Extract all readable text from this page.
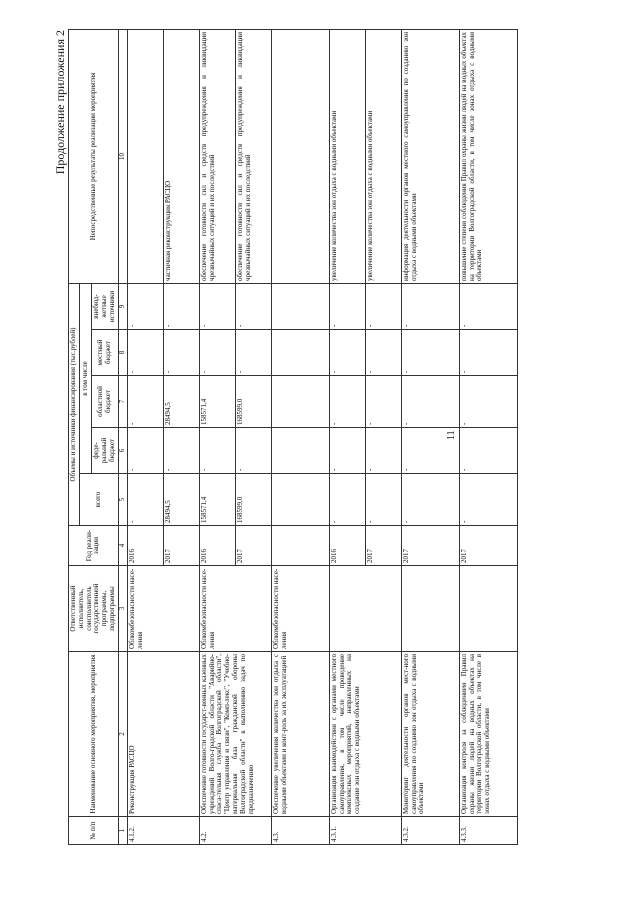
11
Продолжение приложения 2
№ п/п	Наименование основного мероприятия, мероприятия	Ответственный исполнитель, соисполнитель государственной программы, подпрограммы	Год реали-зации	Объемы и источники финансирования (тыс.рублей)					Непосредственные результаты реализации мероприятия
				всего	в том числе				
					феде-ральный бюджет	областной бюджет	местный бюджет	внебюд-жетные источники	
1	2	3	4	5	6	7	8	9	10
4.1.2.	Реконструкция РАСЦО	Облкомбезопасности насе-ления	2016	-	-	-	-	-	
			2017	28494,5	-	28494,5	-	-	частичная реконструкция РАСЦО
4.2.	Обеспечение готовности государст-венных казенных учреждений Волго-градской области "Аварийно-спаса-тельная служба Волгоградской области", "Центр управления и связи", "Комп-лекс", "Учебно-материальная база гражданской обороны Волгоградской области" к выполнению задач по предназначению	Облкомбезопасности насе-ления	2016	158571,4	-	158571,4	-	-	обеспечение готовности сил и средств предупреждения и ликвидации чрезвычайных ситуаций и их последствий
			2017	168599,0	-	168599,0	-	-	обеспечение готовности сил и средств предупреждения и ликвидации чрезвычайных ситуаций и их последствий
4.3.	Обеспечение увеличения количества зон отдыха с водными объектами и конт-роль за их эксплуатацией	Облкомбезопасности насе-ления							
4.3.1.	Организация взаимодействия с органами местного самоуправления, в том числе проведение комплексных мероприятий, направленных на создание зон отдыха с водными объектами		2016	-	-	-	-	-	увеличение количества зон отдыха с водными объектами
			2017	-	-	-	-	-	увеличение количества зон отдыха с водными объектами
4.3.2.	Мониторинг деятельности органов мест-ного самоуправления по созданию зон отдыха с водными объектами		2017	-	-	-	-	-	информация деятельности органов местного самоуправления по созданию зон отдыха с водными объектами
4.3.3.	Организация контроля за соблюдением Правил охраны жизни людей на водных объектах на территории Волгоградской области, в том числе в зонах отдыха с водными объектами		2017	-	-	-	-	-	повышение степени соблюдения Правил охраны жизни людей на водных объектах на территории Волгоградской области, в том числе зонах отдыха с водными объектами
